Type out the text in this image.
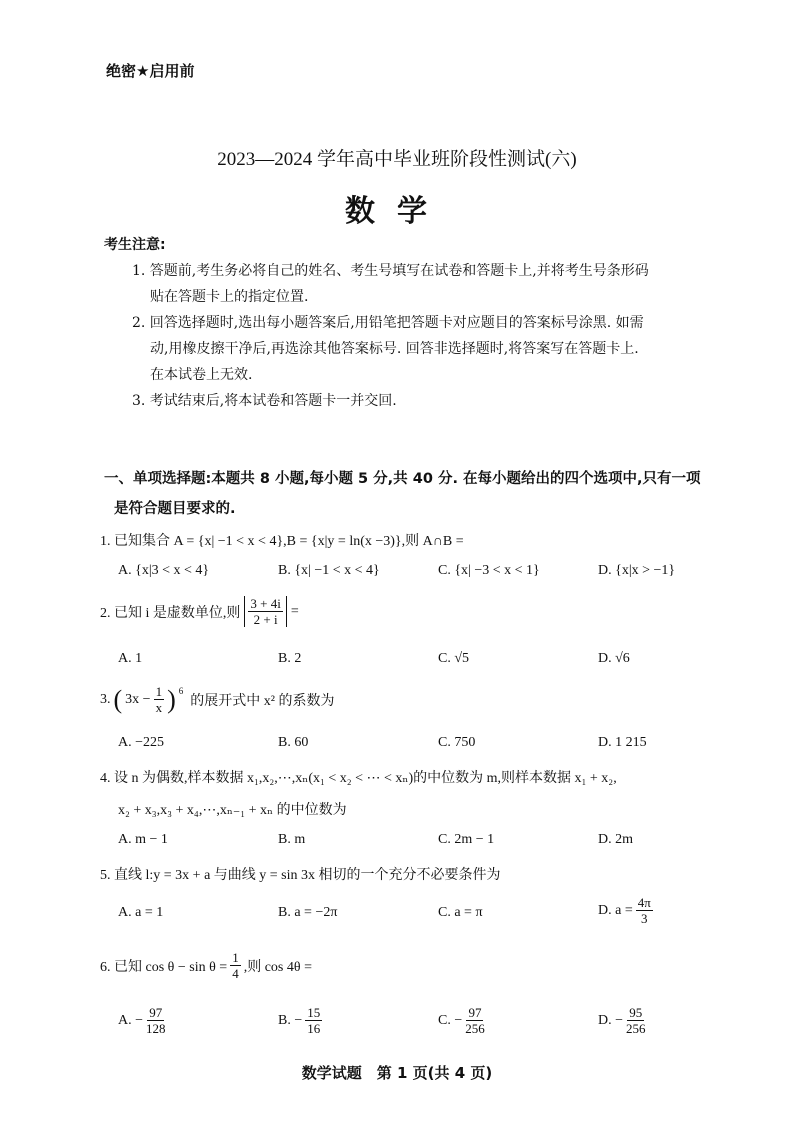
绝密★启用前
2023—2024 学年高中毕业班阶段性测试(六)
数学
考生注意:
1. 答题前,考生务必将自己的姓名、考生号填写在试卷和答题卡上,并将考生号条形码
贴在答题卡上的指定位置.
2. 回答选择题时,选出每小题答案后,用铅笔把答题卡对应题目的答案标号涂黑. 如需
动,用橡皮擦干净后,再选涂其他答案标号. 回答非选择题时,将答案写在答题卡上.
在本试卷上无效.
3. 考试结束后,将本试卷和答题卡一并交回.
一、单项选择题:本题共 8 小题,每小题 5 分,共 40 分. 在每小题给出的四个选项中,只有一项
是符合题目要求的.
1. 已知集合 A = {x| −1 < x < 4},B = {x|y = ln(x −3)},则 A∩B =
A. {x|3 < x < 4}	B. {x| −1 < x < 4}	C. {x| −3 < x < 1}	D. {x|x > −1}
2. 已知 i 是虚数单位,则 $\frac{3 + 4i}{2 + i}$ =
A. 1	B. 2	C. √5	D. √6
3. ( $3x - \frac{1}{x}$ ) $^6$
的展开式中 x² 的系数为
A. −225	B. 60	C. 750	D. 1 215
4. 设 n 为偶数,样本数据 x₁,x₂,⋯,xₙ(x₁ < x₂ < ⋯ < xₙ)的中位数为 m,则样本数据 x₁ + x₂,
x₂ + x₃,x₃ + x₄,⋯,xₙ₋₁ + xₙ 的中位数为
A. m − 1	B. m	C. 2m − 1	D. 2m
5. 直线 l:y = 3x + a 与曲线 y = sin 3x 相切的一个充分不必要条件为
A. a = 1	B. a = −2π	C. a = π	D. $a = \frac{4\pi}{3}$
6. 已知 $\cos \theta - \sin \theta = \frac{1}{4}$ ,则 cos 4θ =
A. − $\frac{97}{128}$	B. − $\frac{15}{16}$	C. − $\frac{97}{256}$	D. − $\frac{95}{256}$
数学试题　第 1 页(共 4 页)
